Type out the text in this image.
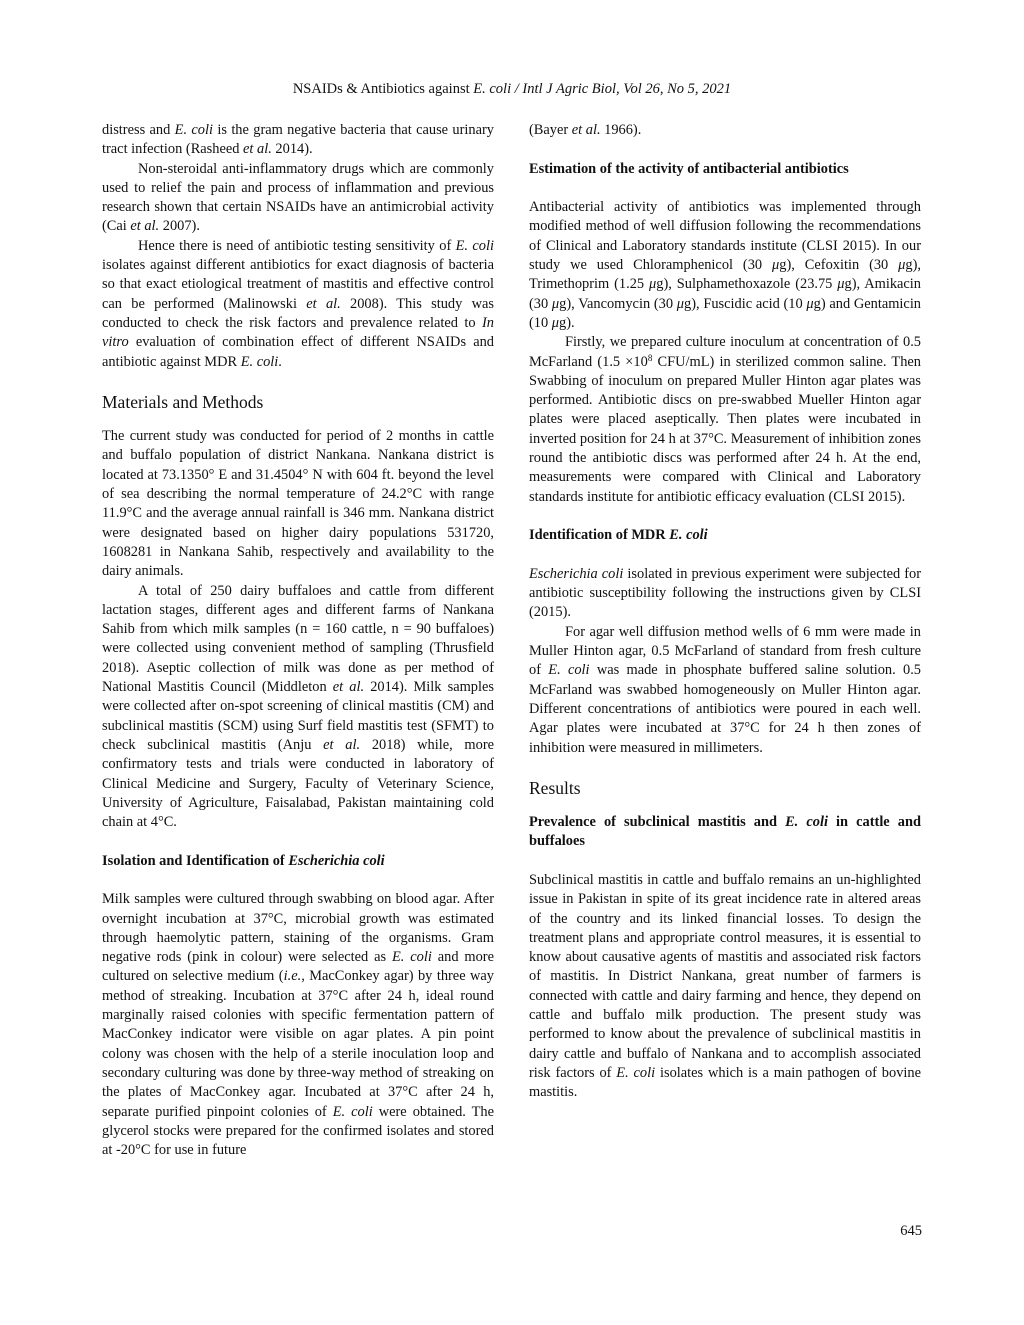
NSAIDs & Antibiotics against E. coli / Intl J Agric Biol, Vol 26, No 5, 2021

distress and E. coli is the gram negative bacteria that cause urinary tract infection (Rasheed et al. 2014).

Non-steroidal anti-inflammatory drugs which are commonly used to relief the pain and process of inflammation and previous research shown that certain NSAIDs have an antimicrobial activity (Cai et al. 2007).

Hence there is need of antibiotic testing sensitivity of E. coli isolates against different antibiotics for exact diagnosis of bacteria so that exact etiological treatment of mastitis and effective control can be performed (Malinowski et al. 2008). This study was conducted to check the risk factors and prevalence related to In vitro evaluation of combination effect of different NSAIDs and antibiotic against MDR E. coli.

Materials and Methods

The current study was conducted for period of 2 months in cattle and buffalo population of district Nankana. Nankana district is located at 73.1350° E and 31.4504° N with 604 ft. beyond the level of sea describing the normal temperature of 24.2°C with range 11.9°C and the average annual rainfall is 346 mm. Nankana district were designated based on higher dairy populations 531720, 1608281 in Nankana Sahib, respectively and availability to the dairy animals.

A total of 250 dairy buffaloes and cattle from different lactation stages, different ages and different farms of Nankana Sahib from which milk samples (n = 160 cattle, n = 90 buffaloes) were collected using convenient method of sampling (Thrusfield 2018). Aseptic collection of milk was done as per method of National Mastitis Council (Middleton et al. 2014). Milk samples were collected after on-spot screening of clinical mastitis (CM) and subclinical mastitis (SCM) using Surf field mastitis test (SFMT) to check subclinical mastitis (Anju et al. 2018) while, more confirmatory tests and trials were conducted in laboratory of Clinical Medicine and Surgery, Faculty of Veterinary Science, University of Agriculture, Faisalabad, Pakistan maintaining cold chain at 4°C.

Isolation and Identification of Escherichia coli

Milk samples were cultured through swabbing on blood agar. After overnight incubation at 37°C, microbial growth was estimated through haemolytic pattern, staining of the organisms. Gram negative rods (pink in colour) were selected as E. coli and more cultured on selective medium (i.e., MacConkey agar) by three way method of streaking. Incubation at 37°C after 24 h, ideal round marginally raised colonies with specific fermentation pattern of MacConkey indicator were visible on agar plates. A pin point colony was chosen with the help of a sterile inoculation loop and secondary culturing was done by three-way method of streaking on the plates of MacConkey agar. Incubated at 37°C after 24 h, separate purified pinpoint colonies of E. coli were obtained. The glycerol stocks were prepared for the confirmed isolates and stored at -20°C for use in future

(Bayer et al. 1966).

Estimation of the activity of antibacterial antibiotics

Antibacterial activity of antibiotics was implemented through modified method of well diffusion following the recommendations of Clinical and Laboratory standards institute (CLSI 2015). In our study we used Chloramphenicol (30 μg), Cefoxitin (30 μg), Trimethoprim (1.25 μg), Sulphamethoxazole (23.75 μg), Amikacin (30 μg), Vancomycin (30 μg), Fuscidic acid (10 μg) and Gentamicin (10 μg).

Firstly, we prepared culture inoculum at concentration of 0.5 McFarland ($1.5 \times 10^8$ CFU/mL) in sterilized common saline. Then Swabbing of inoculum on prepared Muller Hinton agar plates was performed. Antibiotic discs on pre-swabbed Mueller Hinton agar plates were placed aseptically. Then plates were incubated in inverted position for 24 h at 37°C. Measurement of inhibition zones round the antibiotic discs was performed after 24 h. At the end, measurements were compared with Clinical and Laboratory standards institute for antibiotic efficacy evaluation (CLSI 2015).

Identification of MDR E. coli

Escherichia coli isolated in previous experiment were subjected for antibiotic susceptibility following the instructions given by CLSI (2015).

For agar well diffusion method wells of 6 mm were made in Muller Hinton agar, 0.5 McFarland of standard from fresh culture of E. coli was made in phosphate buffered saline solution. 0.5 McFarland was swabbed homogeneously on Muller Hinton agar. Different concentrations of antibiotics were poured in each well. Agar plates were incubated at 37°C for 24 h then zones of inhibition were measured in millimeters.

Results
Prevalence of subclinical mastitis and E. coli in cattle and buffaloes

Subclinical mastitis in cattle and buffalo remains an un-highlighted issue in Pakistan in spite of its great incidence rate in altered areas of the country and its linked financial losses. To design the treatment plans and appropriate control measures, it is essential to know about causative agents of mastitis and associated risk factors of mastitis. In District Nankana, great number of farmers is connected with cattle and dairy farming and hence, they depend on cattle and buffalo milk production. The present study was performed to know about the prevalence of subclinical mastitis in dairy cattle and buffalo of Nankana and to accomplish associated risk factors of E. coli isolates which is a main pathogen of bovine mastitis.

645
